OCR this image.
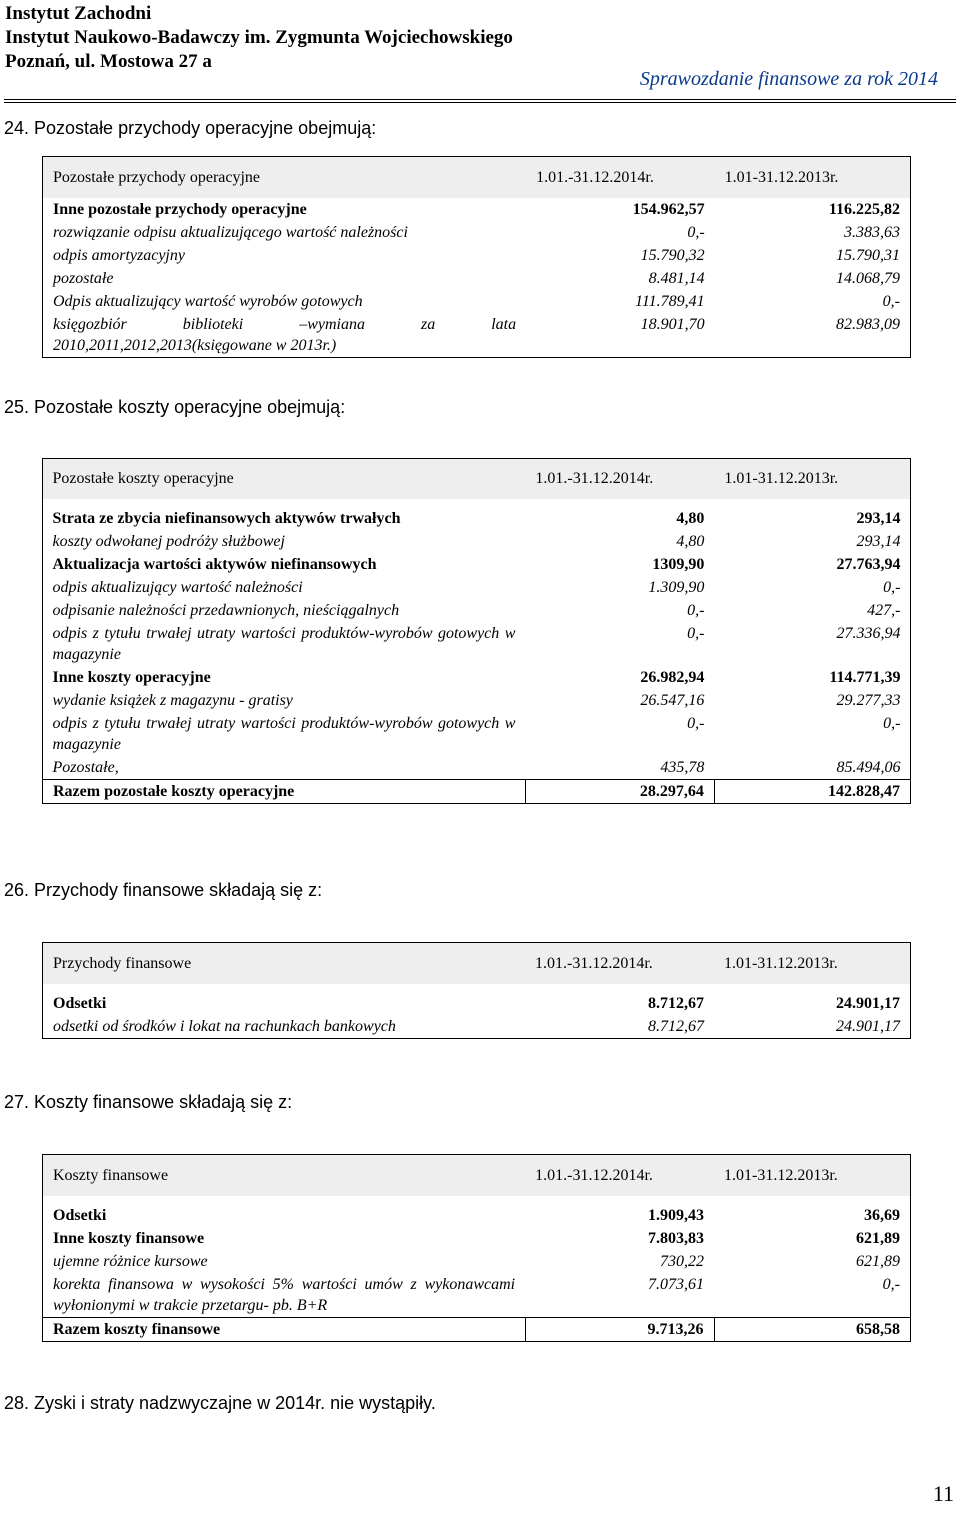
Instytut Zachodni
Instytut Naukowo-Badawczy im. Zygmunta Wojciechowskiego
Poznań, ul. Mostowa 27 a
Sprawozdanie finansowe za rok 2014
24. Pozostałe przychody operacyjne obejmują:
Pozostałe przychody operacyjne	1.01.-31.12.2014r.	1.01-31.12.2013r.
Inne pozostałe przychody operacyjne	154.962,57	116.225,82
rozwiązanie odpisu aktualizującego wartość należności	0,-	3.383,63
odpis amortyzacyjny	15.790,32	15.790,31
pozostałe	8.481,14	14.068,79
Odpis aktualizujący wartość wyrobów gotowych	111.789,41	0,-
księgozbiór biblioteki –wymiana za lata 2010,2011,2012,2013(księgowane w 2013r.)	18.901,70	82.983,09
25. Pozostałe koszty operacyjne obejmują:
Pozostałe koszty operacyjne	1.01.-31.12.2014r.	1.01-31.12.2013r.

Strata ze zbycia niefinansowych aktywów trwałych	4,80	293,14
koszty odwołanej podróży służbowej	4,80	293,14
Aktualizacja wartości aktywów niefinansowych	1309,90	27.763,94
odpis aktualizujący wartość należności	1.309,90	0,-
odpisanie należności przedawnionych, nieściągalnych	0,-	427,-
odpis z tytułu trwałej utraty wartości produktów-wyrobów gotowych w magazynie	0,-	27.336,94
Inne koszty operacyjne	26.982,94	114.771,39
wydanie książek z magazynu - gratisy	26.547,16	29.277,33
odpis z tytułu trwałej utraty wartości produktów-wyrobów gotowych w magazynie	0,-	0,-
Pozostałe,	435,78	85.494,06
Razem pozostałe koszty operacyjne	28.297,64	142.828,47
26. Przychody finansowe składają się z:
Przychody finansowe	1.01.-31.12.2014r.	1.01-31.12.2013r.

Odsetki	8.712,67	24.901,17
odsetki od środków i lokat na rachunkach bankowych	8.712,67	24.901,17
27. Koszty finansowe składają się z:
Koszty finansowe	1.01.-31.12.2014r.	1.01-31.12.2013r.

Odsetki	1.909,43	36,69
Inne koszty finansowe	7.803,83	621,89
ujemne różnice kursowe	730,22	621,89
korekta finansowa w wysokości 5% wartości umów z wykonawcami wyłonionymi w trakcie przetargu- pb. B+R	7.073,61	0,-
Razem koszty finansowe	9.713,26	658,58
28. Zyski i straty nadzwyczajne w 2014r. nie wystąpiły.
11
